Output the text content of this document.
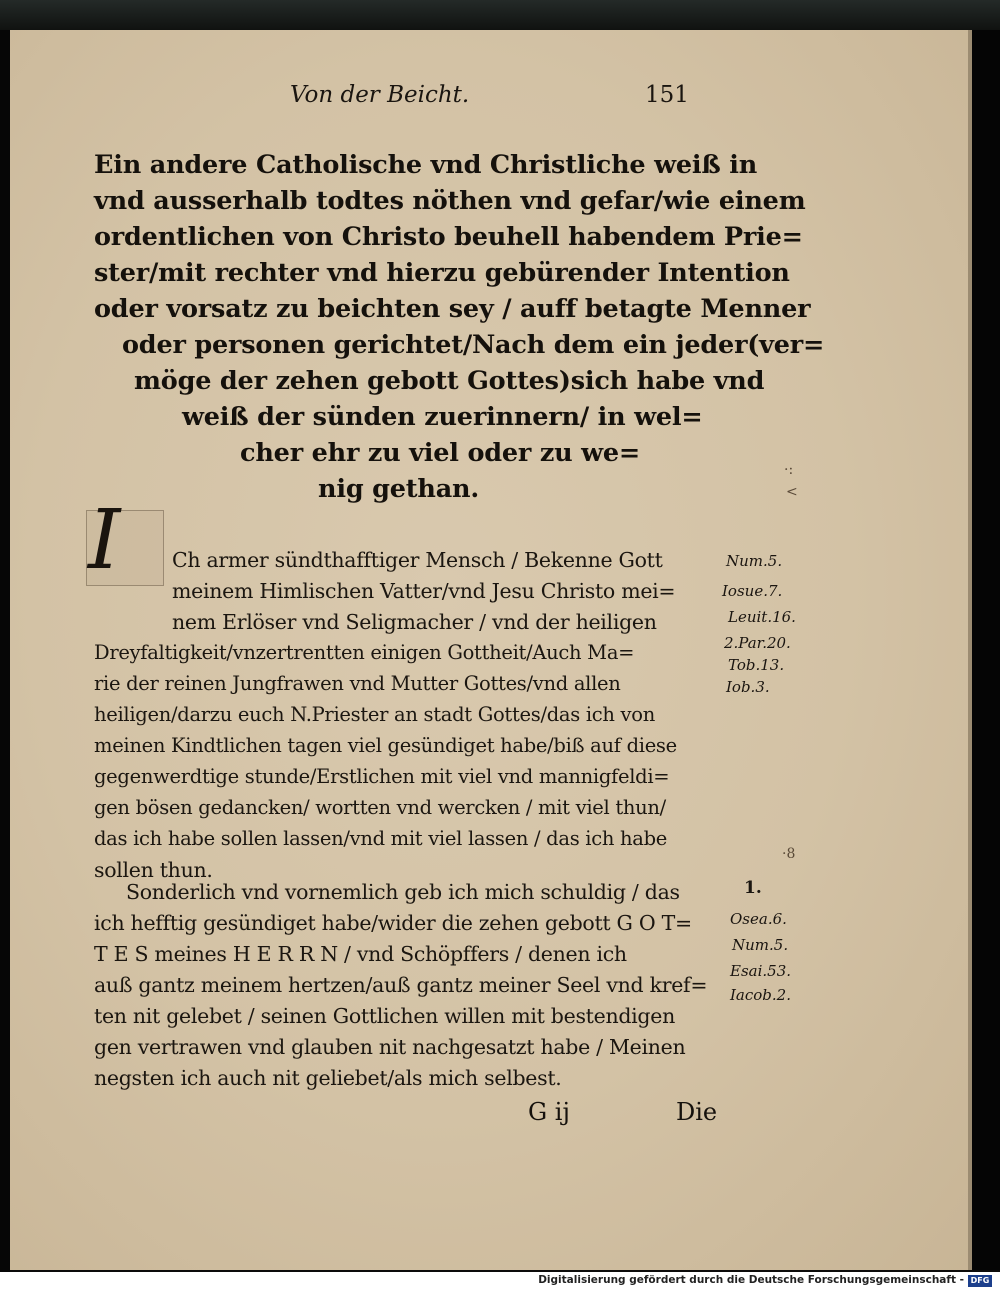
Von der Beicht.	151
Ein andere Catholische vnd Christliche weiß in
vnd ausserhalb todtes nöthen vnd gefar/wie einem
ordentlichen von Christo beuhell habendem Prie=
ster/mit rechter vnd hierzu gebürender Intention
oder vorsatz zu beichten sey / auff betagte Menner
oder personen gerichtet/Nach dem ein jeder(ver=
möge der zehen gebott Gottes)sich habe vnd
weiß der sünden zuerinnern/ in wel=
cher ehr zu viel oder zu we=
nig gethan.
·:
<
I	Ch armer sündthafftiger Mensch / Bekenne Gott
meinem Himlischen Vatter/vnd Jesu Christo mei=
nem Erlöser vnd Seligmacher / vnd der heiligen
Dreyfaltigkeit/vnzertrentten einigen Gottheit/Auch Ma=
rie der reinen Jungfrawen vnd Mutter Gottes/vnd allen
heiligen/darzu euch N.Priester an stadt Gottes/das ich von
meinen Kindtlichen tagen viel gesündiget habe/biß auf diese
gegenwerdtige stunde/Erstlichen mit viel vnd mannigfeldi=
gen bösen gedancken/ wortten vnd wercken / mit viel thun/
das ich habe sollen lassen/vnd mit viel lassen / das ich habe
sollen thun.
Num.5.
Iosue.7.
Leuit.16.
2.Par.20.
Tob.13.
Iob.3.
·8
Sonderlich vnd vornemlich geb ich mich schuldig / das
ich hefftig gesündiget habe/wider die zehen gebott G O T=
T E S meines H E R R N / vnd Schöpffers / denen ich
auß gantz meinem hertzen/auß gantz meiner Seel vnd kref=
ten nit gelebet / seinen Gottlichen willen mit bestendigen
gen vertrawen vnd glauben nit nachgesatzt habe / Meinen
negsten ich auch nit geliebet/als mich selbest.
1.
Osea.6.
Num.5.
Esai.53.
Iacob.2.
G ij	Die
Digitalisierung gefördert durch die Deutsche Forschungsgemeinschaft - DFG
